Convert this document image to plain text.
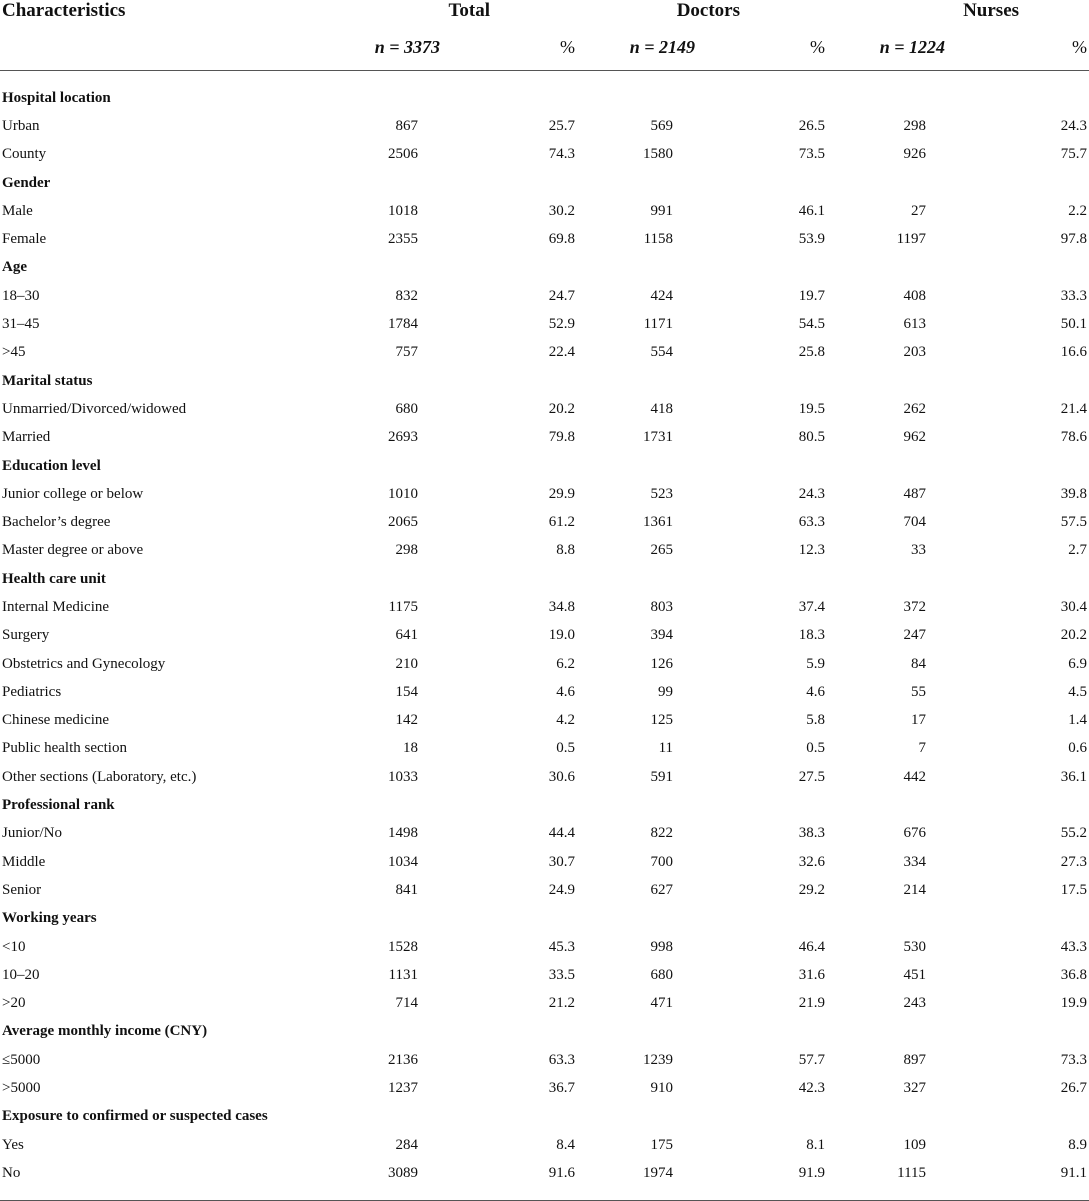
Characteristics	Total		Doctors		Nurses	
	n = 3373	%	n = 2149	%	n = 1224	%

Hospital location						
Urban	867	25.7	569	26.5	298	24.3
County	2506	74.3	1580	73.5	926	75.7
Gender						
Male	1018	30.2	991	46.1	27	2.2
Female	2355	69.8	1158	53.9	1197	97.8
Age						
18–30	832	24.7	424	19.7	408	33.3
31–45	1784	52.9	1171	54.5	613	50.1
>45	757	22.4	554	25.8	203	16.6
Marital status						
Unmarried/Divorced/widowed	680	20.2	418	19.5	262	21.4
Married	2693	79.8	1731	80.5	962	78.6
Education level						
Junior college or below	1010	29.9	523	24.3	487	39.8
Bachelor’s degree	2065	61.2	1361	63.3	704	57.5
Master degree or above	298	8.8	265	12.3	33	2.7
Health care unit						
Internal Medicine	1175	34.8	803	37.4	372	30.4
Surgery	641	19.0	394	18.3	247	20.2
Obstetrics and Gynecology	210	6.2	126	5.9	84	6.9
Pediatrics	154	4.6	99	4.6	55	4.5
Chinese medicine	142	4.2	125	5.8	17	1.4
Public health section	18	0.5	11	0.5	7	0.6
Other sections (Laboratory, etc.)	1033	30.6	591	27.5	442	36.1
Professional rank						
Junior/No	1498	44.4	822	38.3	676	55.2
Middle	1034	30.7	700	32.6	334	27.3
Senior	841	24.9	627	29.2	214	17.5
Working years						
<10	1528	45.3	998	46.4	530	43.3
10–20	1131	33.5	680	31.6	451	36.8
>20	714	21.2	471	21.9	243	19.9
Average monthly income (CNY)						
≤5000	2136	63.3	1239	57.7	897	73.3
>5000	1237	36.7	910	42.3	327	26.7
Exposure to confirmed or suspected cases						
Yes	284	8.4	175	8.1	109	8.9
No	3089	91.6	1974	91.9	1115	91.1
